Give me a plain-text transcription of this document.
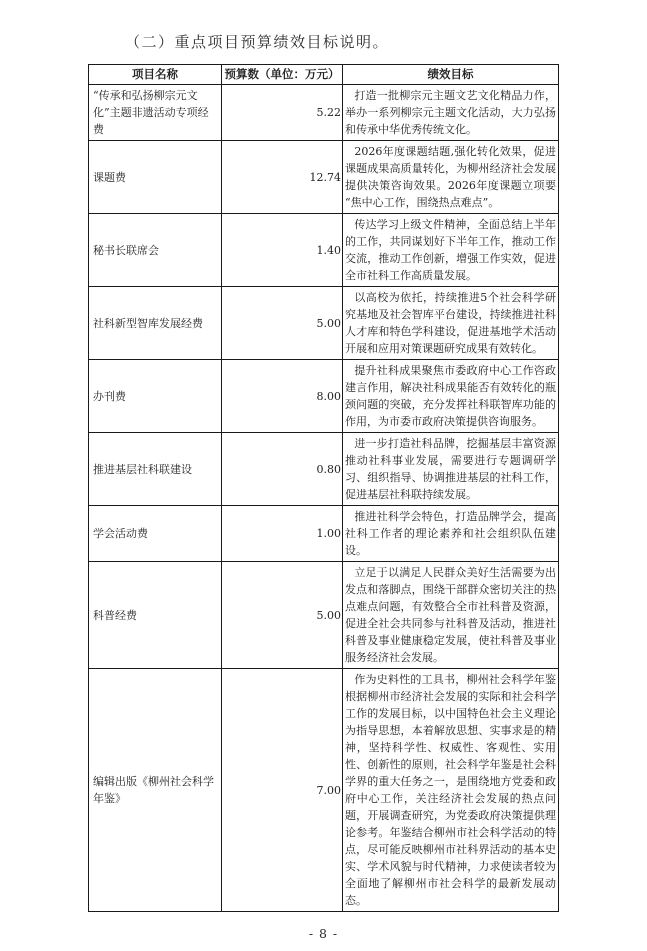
（二）重点项目预算绩效目标说明。
项目名称	预算数（单位：万元）	绩效目标
“传承和弘扬柳宗元文化”主题非遗活动专项经费	5.22	打造一批柳宗元主题文艺文化精品力作，举办一系列柳宗元主题文化活动，大力弘扬和传承中华优秀传统文化。
课题费	12.74	2026年度课题结题,强化转化效果，促进课题成果高质量转化，为柳州经济社会发展提供决策咨询效果。2026年度课题立项要 “焦中心工作，围绕热点难点”。
秘书长联席会	1.40	传达学习上级文件精神，全面总结上半年的工作，共同谋划好下半年工作，推动工作交流，推动工作创新，增强工作实效，促进全市社科工作高质量发展。
社科新型智库发展经费	5.00	以高校为依托，持续推进5个社会科学研究基地及社会智库平台建设，持续推进社科人才库和特色学科建设，促进基地学术活动开展和应用对策课题研究成果有效转化。
办刊费	8.00	提升社科成果聚焦市委政府中心工作咨政建言作用，解决社科成果能否有效转化的瓶颈问题的突破，充分发挥社科联智库功能的作用，为市委市政府决策提供咨询服务。
推进基层社科联建设	0.80	进一步打造社科品牌，挖掘基层丰富资源推动社科事业发展，需要进行专题调研学习、组织指导、协调推进基层的社科工作，促进基层社科联持续发展。
学会活动费	1.00	推进社科学会特色，打造品牌学会，提高社科工作者的理论素养和社会组织队伍建设。
科普经费	5.00	立足于以满足人民群众美好生活需要为出发点和落脚点，围绕干部群众密切关注的热点难点问题，有效整合全市社科普及资源，促进全社会共同参与社科普及活动，推进社科普及事业健康稳定发展，使社科普及事业服务经济社会发展。
编辑出版《柳州社会科学年鉴》	7.00	作为史料性的工具书，柳州社会科学年鉴根据柳州市经济社会发展的实际和社会科学工作的发展目标，以中国特色社会主义理论为指导思想，本着解放思想、实事求是的精神，坚持科学性、权威性、客观性、实用性、创新性的原则，社会科学年鉴是社会科学界的重大任务之一，是围绕地方党委和政府中心工作，关注经济社会发展的热点问题，开展调查研究，为党委政府决策提供理论参考。年鉴结合柳州市社会科学活动的特点，尽可能反映柳州市社科界活动的基本史实、学术风貌与时代精神，力求使读者较为全面地了解柳州市社会科学的最新发展动态。
- 8 -
